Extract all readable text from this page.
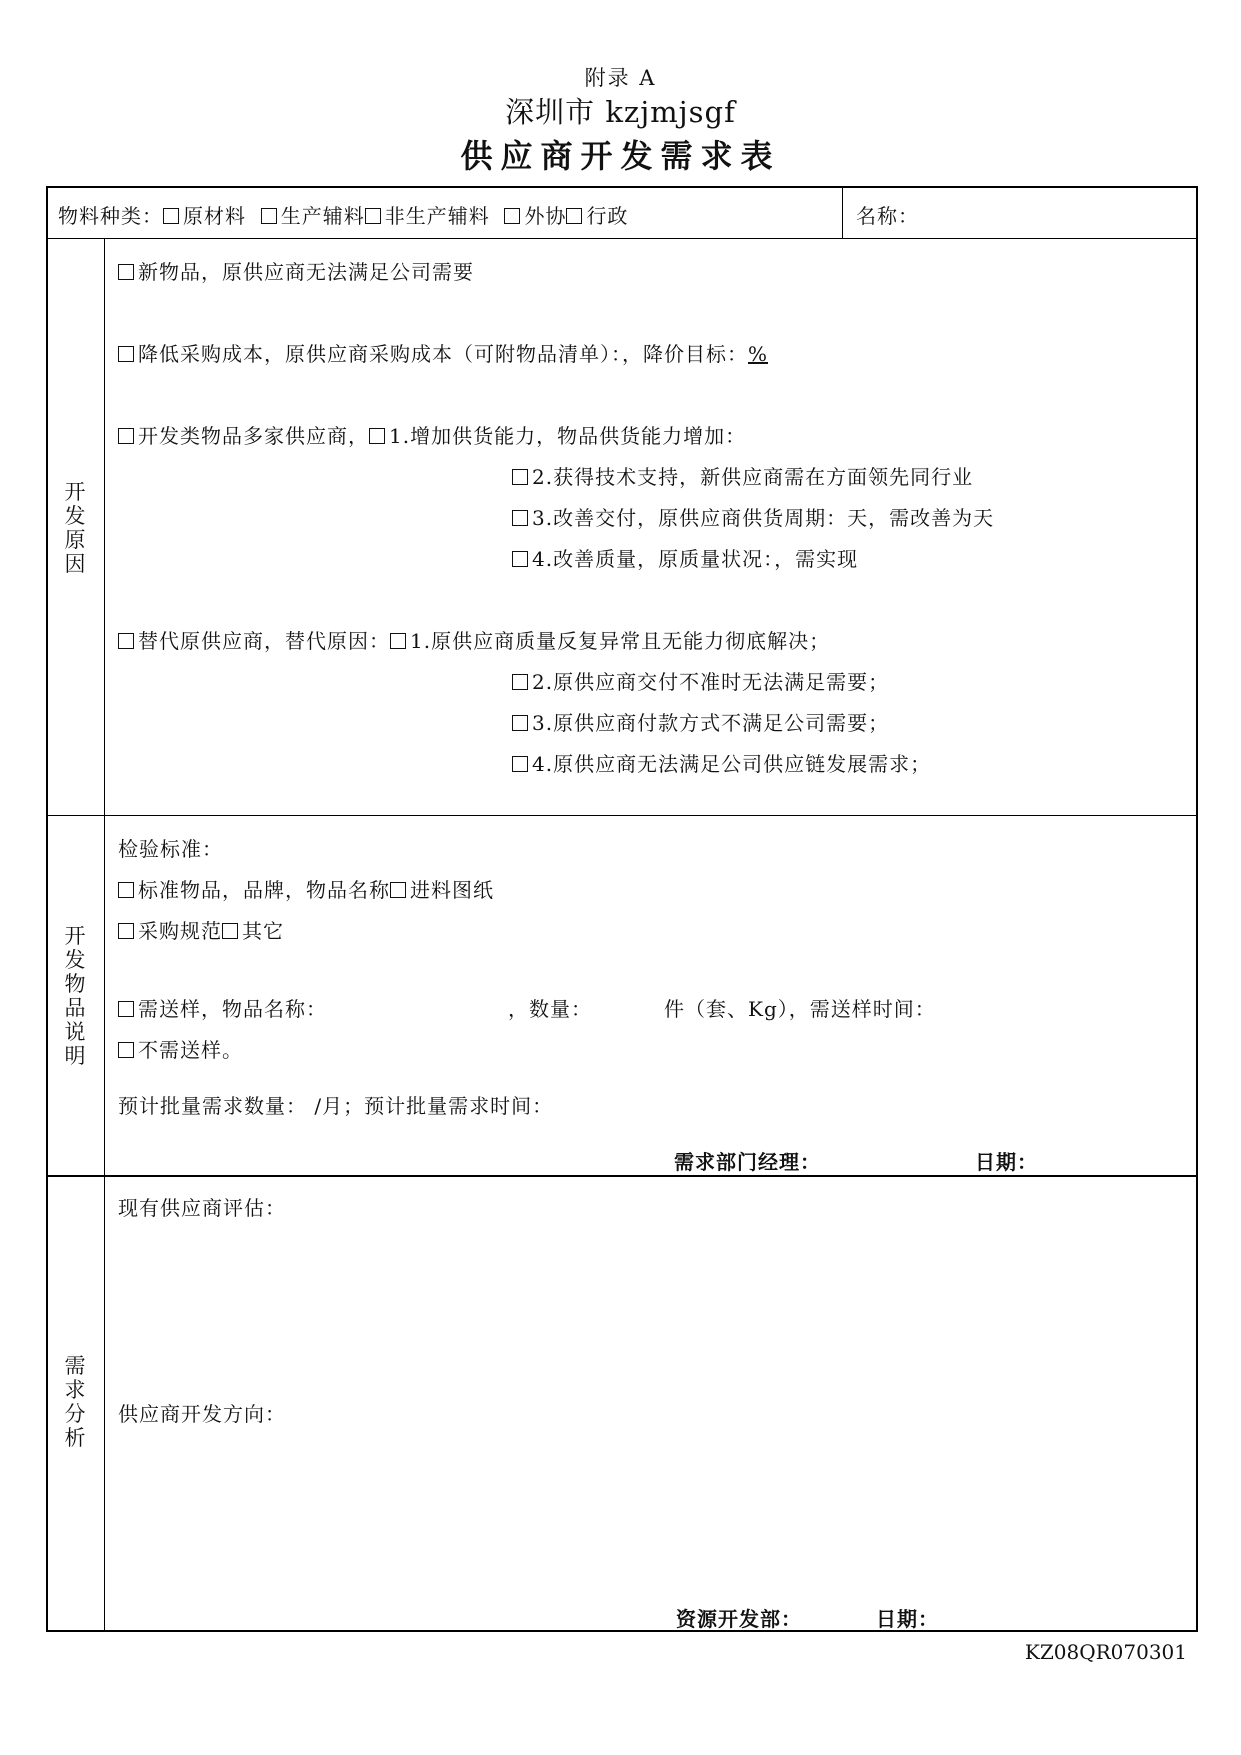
附录 A
深圳市 kzjmjsgf
供应商开发需求表
物料种类： 原材料 生产辅料 非生产辅料 外协 行政	名称：
开
发
原
因
新物品，原供应商无法满足公司需要
降低采购成本，原供应商采购成本（可附物品清单）：，降价目标：%
开发类物品多家供应商， 1.增加供货能力，物品供货能力增加：
2.获得技术支持，新供应商需在方面领先同行业
3.改善交付，原供应商供货周期：天，需改善为天
4.改善质量，原质量状况：，需实现
替代原供应商，替代原因： 1.原供应商质量反复异常且无能力彻底解决；
2.原供应商交付不准时无法满足需要；
3.原供应商付款方式不满足公司需要；
4.原供应商无法满足公司供应链发展需求；
开
发
物
品
说
明
检验标准：
标准物品，品牌，物品名称 进料图纸
采购规范 其它
需送样，物品名称：	，数量：	件（套、Kg），需送样时间：
不需送样。
预计批量需求数量： /月；预计批量需求时间：
需求部门经理：	日期：
需
求
分
析
现有供应商评估：
供应商开发方向：
资源开发部：	日期：
KZ08QR070301
